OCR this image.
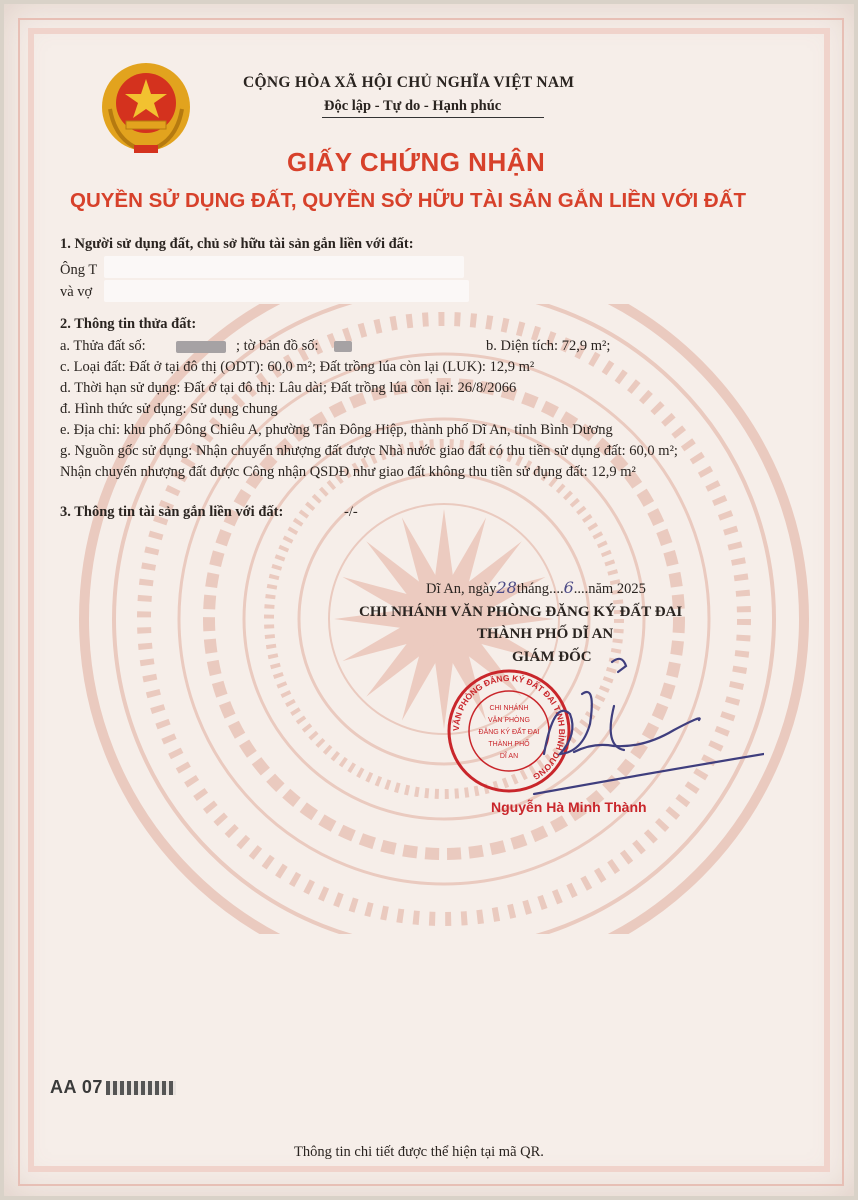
CỘNG HÒA XÃ HỘI CHỦ NGHĨA VIỆT NAM
Độc lập - Tự do - Hạnh phúc
GIẤY CHỨNG NHẬN
QUYỀN SỬ DỤNG ĐẤT, QUYỀN SỞ HỮU TÀI SẢN GẮN LIỀN VỚI ĐẤT
1. Người sử dụng đất, chủ sở hữu tài sản gắn liền với đất:
Ông T
và vợ
2. Thông tin thửa đất:
a. Thửa đất số:	; tờ bản đồ số:	b. Diện tích: 72,9 m²;
c. Loại đất: Đất ở tại đô thị (ODT): 60,0 m²; Đất trồng lúa còn lại (LUK): 12,9 m²
d. Thời hạn sử dụng: Đất ở tại đô thị: Lâu dài; Đất trồng lúa còn lại: 26/8/2066
đ. Hình thức sử dụng: Sử dụng chung
e. Địa chỉ: khu phố Đông Chiêu A, phường Tân Đông Hiệp, thành phố Dĩ An, tỉnh Bình Dương
g. Nguồn gốc sử dụng: Nhận chuyển nhượng đất được Nhà nước giao đất có thu tiền sử dụng đất: 60,0 m²;
Nhận chuyển nhượng đất được Công nhận QSDĐ như giao đất không thu tiền sử dụng đất: 12,9 m²
3. Thông tin tài sản gắn liền với đất:	-/-
Dĩ An, ngày28tháng....6....năm 2025
CHI NHÁNH VĂN PHÒNG ĐĂNG KÝ ĐẤT ĐAI
THÀNH PHỐ DĨ AN
GIÁM ĐỐC
VĂN PHÒNG ĐĂNG KÝ ĐẤT ĐAI TỈNH BÌNH DƯƠNG
CHI NHÁNH
VĂN PHÒNG
ĐĂNG KÝ ĐẤT ĐAI
THÀNH PHỐ
DĨ AN
Nguyễn Hà Minh Thành
AA 07
Thông tin chi tiết được thể hiện tại mã QR.
